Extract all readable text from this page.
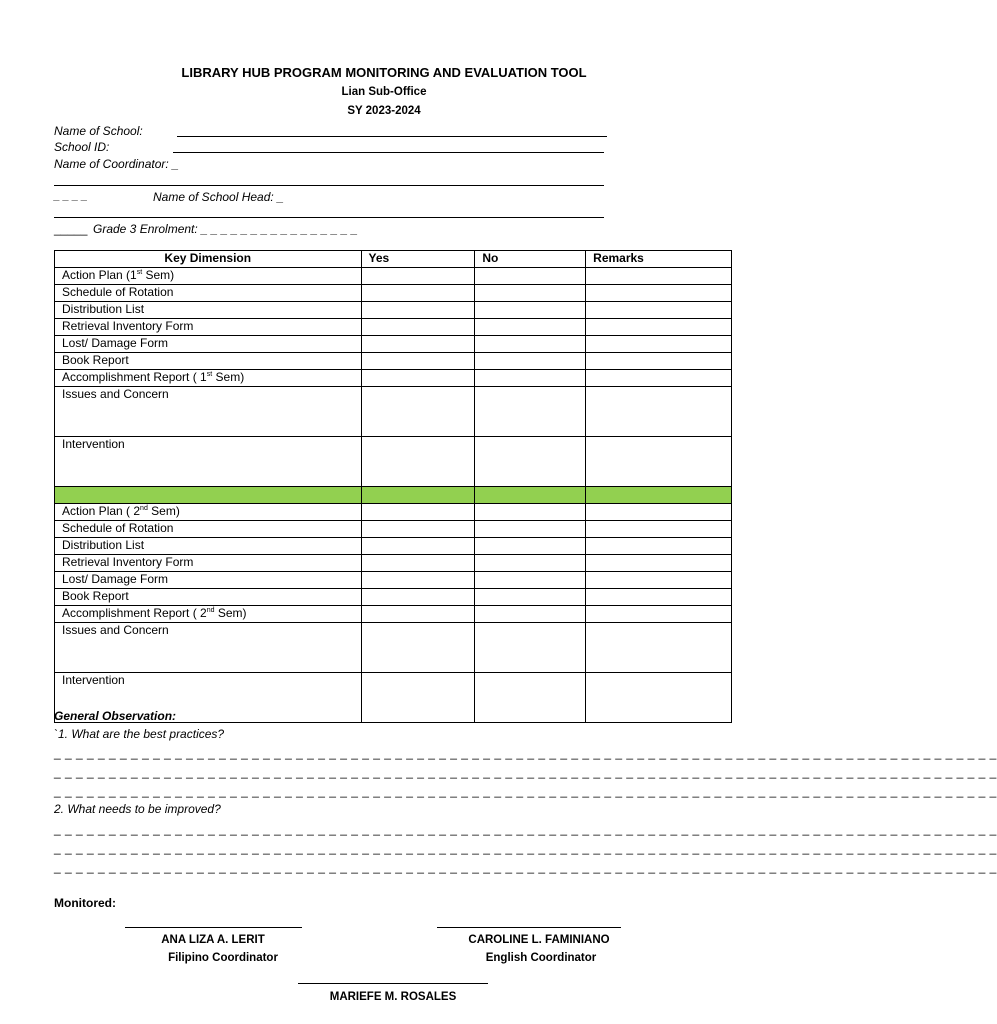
LIBRARY HUB PROGRAM MONITORING AND EVALUATION TOOL
Lian Sub-Office
SY 2023-2024
Name of School:
School ID:
Name of Coordinator: _
_ _ _ _	Name of School Head: _
_____ Grade 3 Enrolment: _ _ _ _ _ _ _ _ _ _ _ _ _ _ _ _
Key Dimension	Yes	No	Remarks
Action Plan (1st Sem)			
Schedule of Rotation			
Distribution List			
Retrieval Inventory Form			
Lost/ Damage Form			
Book Report			
Accomplishment Report ( 1st Sem)			
Issues and Concern			
Intervention			

Action Plan ( 2nd Sem)			
Schedule of Rotation			
Distribution List			
Retrieval Inventory Form			
Lost/ Damage Form			
Book Report			
Accomplishment Report ( 2nd Sem)			
Issues and Concern			
Intervention			
General Observation:
`1. What are the best practices?
_ _ _ _ _ _ _ _ _ _ _ _ _ _ _ _ _ _ _ _ _ _ _ _ _ _ _ _ _ _ _ _ _ _ _ _ _ _ _ _ _ _ _ _ _ _ _ _ _ _ _ _ _ _ _ _ _ _ _ _ _ _ _ _ _ _ _ _ _ _ _ _ _ _ _ _ _ _ _ _ _ _ _ _ _ _
_ _ _ _ _ _ _ _ _ _ _ _ _ _ _ _ _ _ _ _ _ _ _ _ _ _ _ _ _ _ _ _ _ _ _ _ _ _ _ _ _ _ _ _ _ _ _ _ _ _ _ _ _ _ _ _ _ _ _ _ _ _ _ _ _ _ _ _ _ _ _ _ _ _ _ _ _ _ _ _ _ _ _ _ _ _
_ _ _ _ _ _ _ _ _ _ _ _ _ _ _ _ _ _ _ _ _ _ _ _ _ _ _ _ _ _ _ _ _ _ _ _ _ _ _ _ _ _ _ _ _ _ _ _ _ _ _ _ _ _ _ _ _ _ _ _ _ _ _ _ _ _ _ _ _ _ _ _ _ _ _ _ _ _ _ _ _ _ _ _ _ _
2. What needs to be improved?
_ _ _ _ _ _ _ _ _ _ _ _ _ _ _ _ _ _ _ _ _ _ _ _ _ _ _ _ _ _ _ _ _ _ _ _ _ _ _ _ _ _ _ _ _ _ _ _ _ _ _ _ _ _ _ _ _ _ _ _ _ _ _ _ _ _ _ _ _ _ _ _ _ _ _ _ _ _ _ _ _ _ _ _ _ _
_ _ _ _ _ _ _ _ _ _ _ _ _ _ _ _ _ _ _ _ _ _ _ _ _ _ _ _ _ _ _ _ _ _ _ _ _ _ _ _ _ _ _ _ _ _ _ _ _ _ _ _ _ _ _ _ _ _ _ _ _ _ _ _ _ _ _ _ _ _ _ _ _ _ _ _ _ _ _ _ _ _ _ _ _ _
_ _ _ _ _ _ _ _ _ _ _ _ _ _ _ _ _ _ _ _ _ _ _ _ _ _ _ _ _ _ _ _ _ _ _ _ _ _ _ _ _ _ _ _ _ _ _ _ _ _ _ _ _ _ _ _ _ _ _ _ _ _ _ _ _ _ _ _ _ _ _ _ _ _ _ _ _ _ _ _ _ _ _ _ _ _
Monitored:
ANA LIZA A. LERIT
Filipino Coordinator
CAROLINE L. FAMINIANO
English Coordinator
MARIEFE M. ROSALES
